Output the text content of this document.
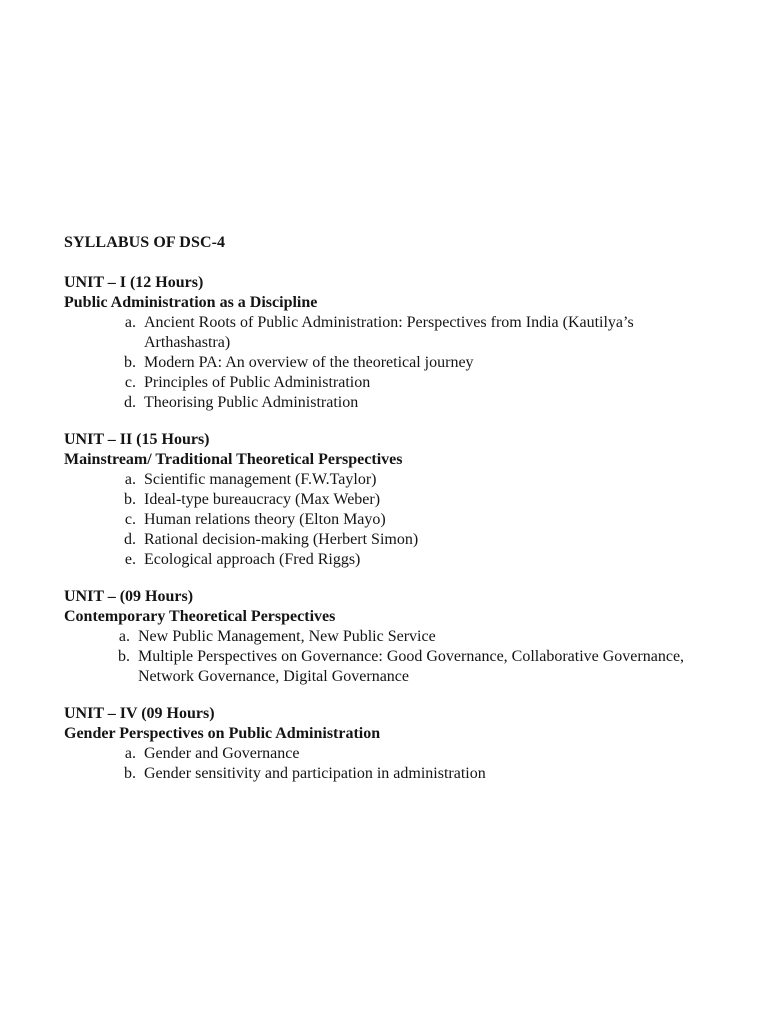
SYLLABUS OF DSC-4
UNIT – I (12 Hours)
Public Administration as a Discipline
a. Ancient Roots of Public Administration: Perspectives from India (Kautilya’s Arthashastra)
b. Modern PA: An overview of the theoretical journey
c. Principles of Public Administration
d. Theorising Public Administration
UNIT – II (15 Hours)
Mainstream/ Traditional Theoretical Perspectives
a. Scientific management (F.W.Taylor)
b. Ideal-type bureaucracy (Max Weber)
c. Human relations theory (Elton Mayo)
d. Rational decision-making (Herbert Simon)
e. Ecological approach (Fred Riggs)
UNIT – (09 Hours)
Contemporary Theoretical Perspectives
a. New Public Management, New Public Service
b. Multiple Perspectives on Governance: Good Governance, Collaborative Governance, Network Governance, Digital Governance
UNIT – IV (09 Hours)
Gender Perspectives on Public Administration
a. Gender and Governance
b. Gender sensitivity and participation in administration
